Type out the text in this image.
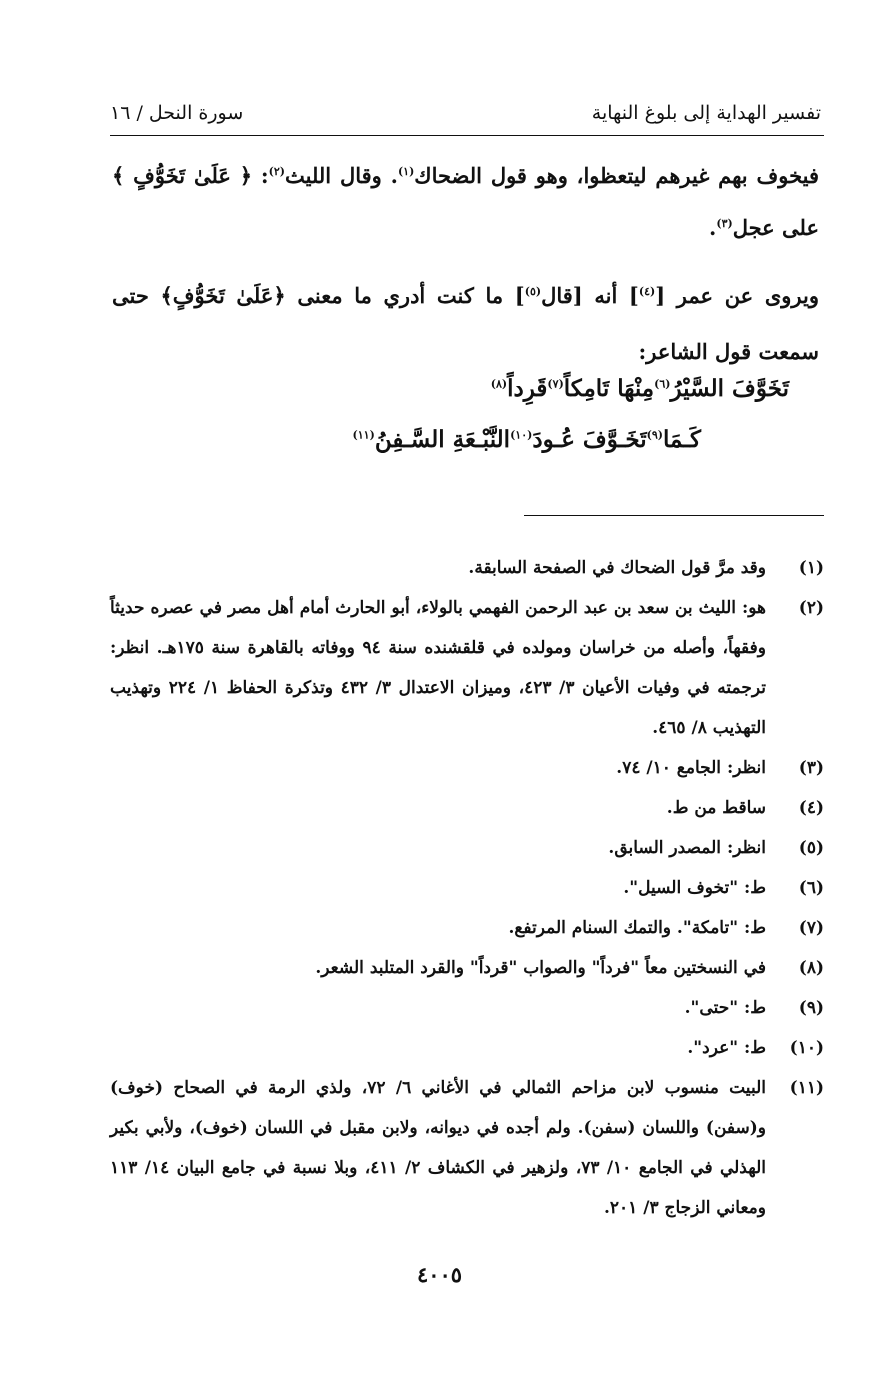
تفسير الهداية إلى بلوغ النهاية
سورة النحل / ١٦

فيخوف بهم غيرهم ليتعظوا، وهو قول الضحاك$^{(١)}$. وقال الليث$^{(٢)}$: ﴿ عَلَىٰ تَخَوُّفٍ ﴾ على عجل$^{(٣)}$.

ويروى عن عمر [$^{(٤)}$] أنه [قال$^{(٥)}$] ما كنت أدري ما معنى ﴿عَلَىٰ تَخَوُّفٍ﴾ حتى سمعت قول الشاعر:

تَخَوَّفَ السَّيْرُ$^{(٦)}$مِنْهَا تَامِكاً$^{(٧)}$قَرِداً$^{(٨)}$
كَـمَا$^{(٩)}$تَخَـوَّفَ عُـودَ$^{(١٠)}$النَّبْـعَةِ السَّـفِنُ$^{(١١)}$
(١)
وقد مرَّ قول الضحاك في الصفحة السابقة.
(٢)
هو: الليث بن سعد بن عبد الرحمن الفهمي بالولاء، أبو الحارث أمام أهل مصر في عصره حديثاً وفقهاً، وأصله من خراسان ومولده في قلقشنده سنة ٩٤ ووفاته بالقاهرة سنة ١٧٥هـ. انظر: ترجمته في وفيات الأعيان ٣/ ٤٢٣، وميزان الاعتدال ٣/ ٤٣٢ وتذكرة الحفاظ ١/ ٢٢٤ وتهذيب التهذيب ٨/ ٤٦٥.
(٣)
انظر: الجامع ١٠/ ٧٤.
(٤)
ساقط من ط.
(٥)
انظر: المصدر السابق.
(٦)
ط: "تخوف السيل".
(٧)
ط: "تامكة". والتمك السنام المرتفع.
(٨)
في النسختين معاً "فرداً" والصواب "قرداً" والقرد المتلبد الشعر.
(٩)
ط: "حتى".
(١٠)
ط: "عرد".
(١١)
البيت منسوب لابن مزاحم الثمالي في الأغاني ٦/ ٧٢، ولذي الرمة في الصحاح (خوف) و(سفن) واللسان (سفن). ولم أجده في ديوانه، ولابن مقبل في اللسان (خوف)، ولأبي بكير الهذلي في الجامع ١٠/ ٧٣، ولزهير في الكشاف ٢/ ٤١١، وبلا نسبة في جامع البيان ١٤/ ١١٣ ومعاني الزجاج ٣/ ٢٠١.
٤٠٠٥
